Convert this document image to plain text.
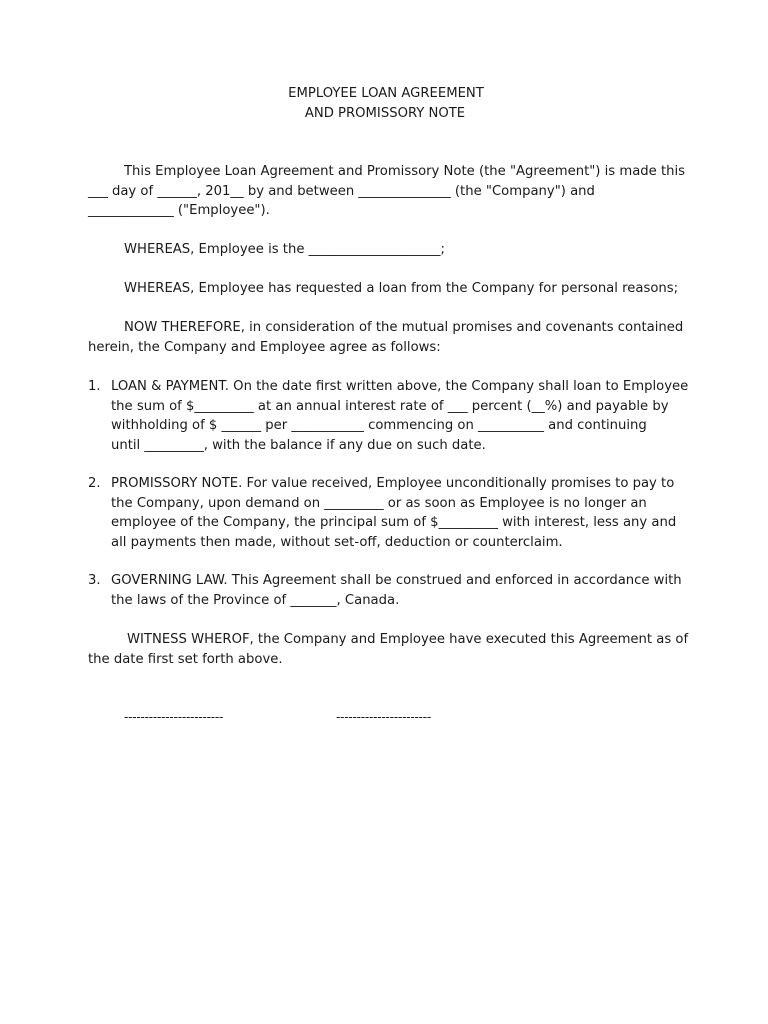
EMPLOYEE LOAN AGREEMENT
AND PROMISSORY NOTE
This Employee Loan Agreement and Promissory Note (the "Agreement") is made this
___ day of ______, 201__ by and between ______________ (the "Company") and
_____________ ("Employee").
WHEREAS, Employee is the ____________________;
WHEREAS, Employee has requested a loan from the Company for personal reasons;
NOW THEREFORE, in consideration of the mutual promises and covenants contained
herein, the Company and Employee agree as follows:
1. LOAN & PAYMENT. On the date first written above, the Company shall loan to Employee
the sum of $_________ at an annual interest rate of ___ percent (__%) and payable by
withholding of $ ______ per ___________ commencing on __________ and continuing
until _________, with the balance if any due on such date.
2. PROMISSORY NOTE. For value received, Employee unconditionally promises to pay to
the Company, upon demand on _________ or as soon as Employee is no longer an
employee of the Company, the principal sum of $_________ with interest, less any and
all payments then made, without set-off, deduction or counterclaim.
3. GOVERNING LAW. This Agreement shall be construed and enforced in accordance with
the laws of the Province of _______, Canada.
WITNESS WHEROF, the Company and Employee have executed this Agreement as of
the date first set forth above.
------------------------	-----------------------
